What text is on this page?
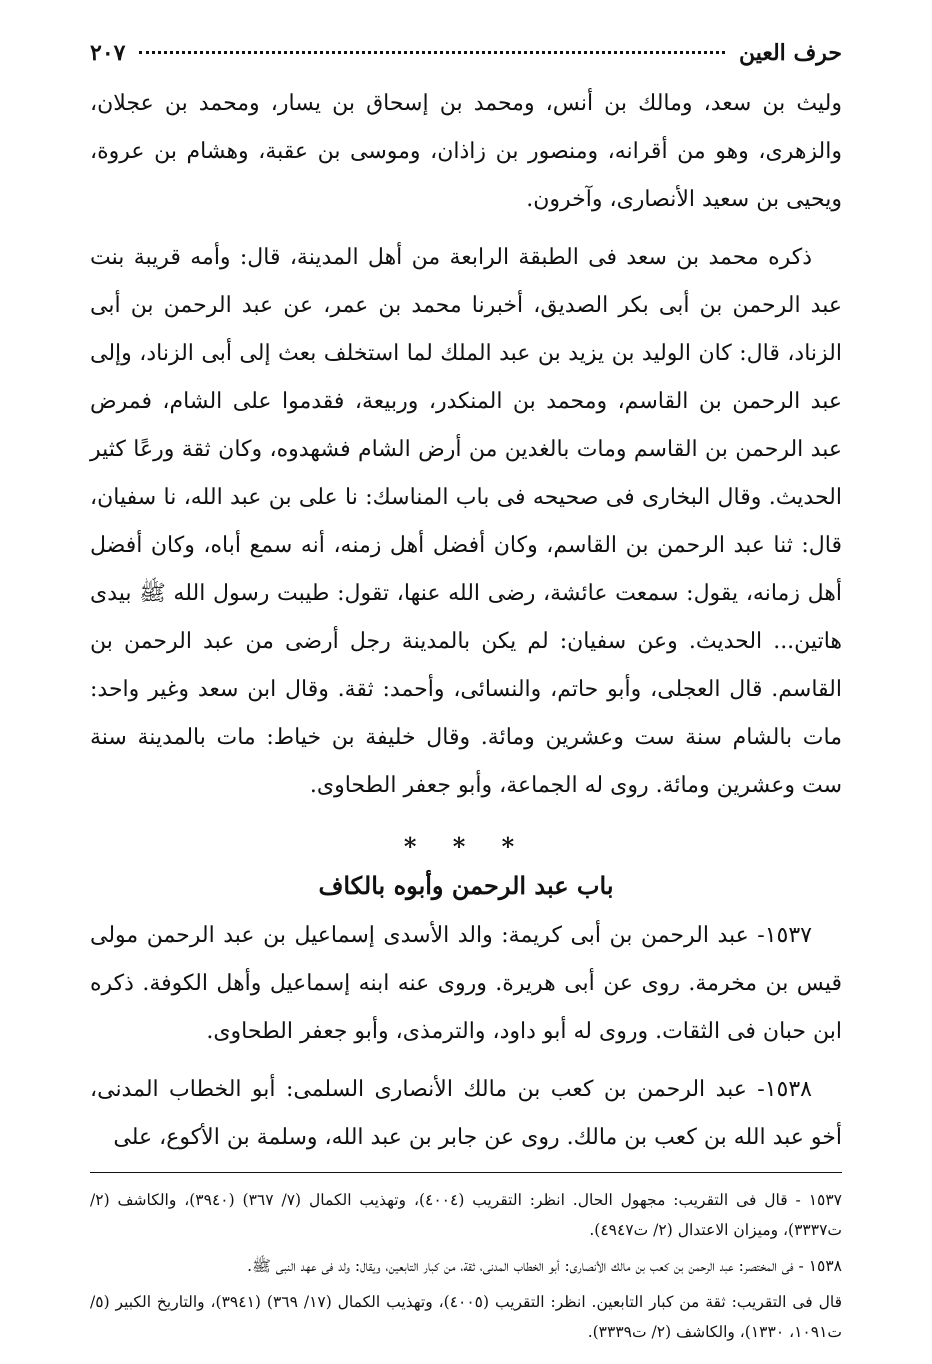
حرف العين
٢٠٧

وليث بن سعد، ومالك بن أنس، ومحمد بن إسحاق بن يسار، ومحمد بن عجلان، والزهرى، وهو من أقرانه، ومنصور بن زاذان، وموسى بن عقبة، وهشام بن عروة، ويحيى بن سعيد الأنصارى، وآخرون.

ذكره محمد بن سعد فى الطبقة الرابعة من أهل المدينة، قال: وأمه قريبة بنت عبد الرحمن بن أبى بكر الصديق، أخبرنا محمد بن عمر، عن عبد الرحمن بن أبى الزناد، قال: كان الوليد بن يزيد بن عبد الملك لما استخلف بعث إلى أبى الزناد، وإلى عبد الرحمن بن القاسم، ومحمد بن المنكدر، وربيعة، فقدموا على الشام، فمرض عبد الرحمن بن القاسم ومات بالغدين من أرض الشام فشهدوه، وكان ثقة ورعًا كثير الحديث. وقال البخارى فى صحيحه فى باب المناسك: نا على بن عبد الله، نا سفيان، قال: ثنا عبد الرحمن بن القاسم، وكان أفضل أهل زمنه، أنه سمع أباه، وكان أفضل أهل زمانه، يقول: سمعت عائشة، رضى الله عنها، تقول: طيبت رسول الله ﷺ بيدى هاتين... الحديث. وعن سفيان: لم يكن بالمدينة رجل أرضى من عبد الرحمن بن القاسم. قال العجلى، وأبو حاتم، والنسائى، وأحمد: ثقة. وقال ابن سعد وغير واحد: مات بالشام سنة ست وعشرين ومائة. وقال خليفة بن خياط: مات بالمدينة سنة ست وعشرين ومائة. روى له الجماعة، وأبو جعفر الطحاوى.

* * *
باب عبد الرحمن وأبوه بالكاف

١٥٣٧- عبد الرحمن بن أبى كريمة: والد الأسدى إسماعيل بن عبد الرحمن مولى قيس بن مخرمة. روى عن أبى هريرة. وروى عنه ابنه إسماعيل وأهل الكوفة. ذكره ابن حبان فى الثقات. وروى له أبو داود، والترمذى، وأبو جعفر الطحاوى.

١٥٣٨- عبد الرحمن بن كعب بن مالك الأنصارى السلمى: أبو الخطاب المدنى، أخو عبد الله بن كعب بن مالك. روى عن جابر بن عبد الله، وسلمة بن الأكوع، على

١٥٣٧ - قال فى التقريب: مجهول الحال. انظر: التقريب (٤٠٠٤)، وتهذيب الكمال (٧/ ٣٦٧) (٣٩٤٠)، والكاشف (٢/ ت٣٣٣٧)، وميزان الاعتدال (٢/ ت٤٩٤٧).

١٥٣٨ - فى المختصر: عبد الرحمن بن كعب بن مالك الأنصارى: أبو الخطاب المدنى، ثقة، من كبار التابعين، ويقال: ولد فى عهد النبى ﷺ.

قال فى التقريب: ثقة من كبار التابعين. انظر: التقريب (٤٠٠٥)، وتهذيب الكمال (١٧/ ٣٦٩) (٣٩٤١)، والتاريخ الكبير (٥/ ت١٠٩١، ١٣٣٠)، والكاشف (٢/ ت٣٣٣٩).
